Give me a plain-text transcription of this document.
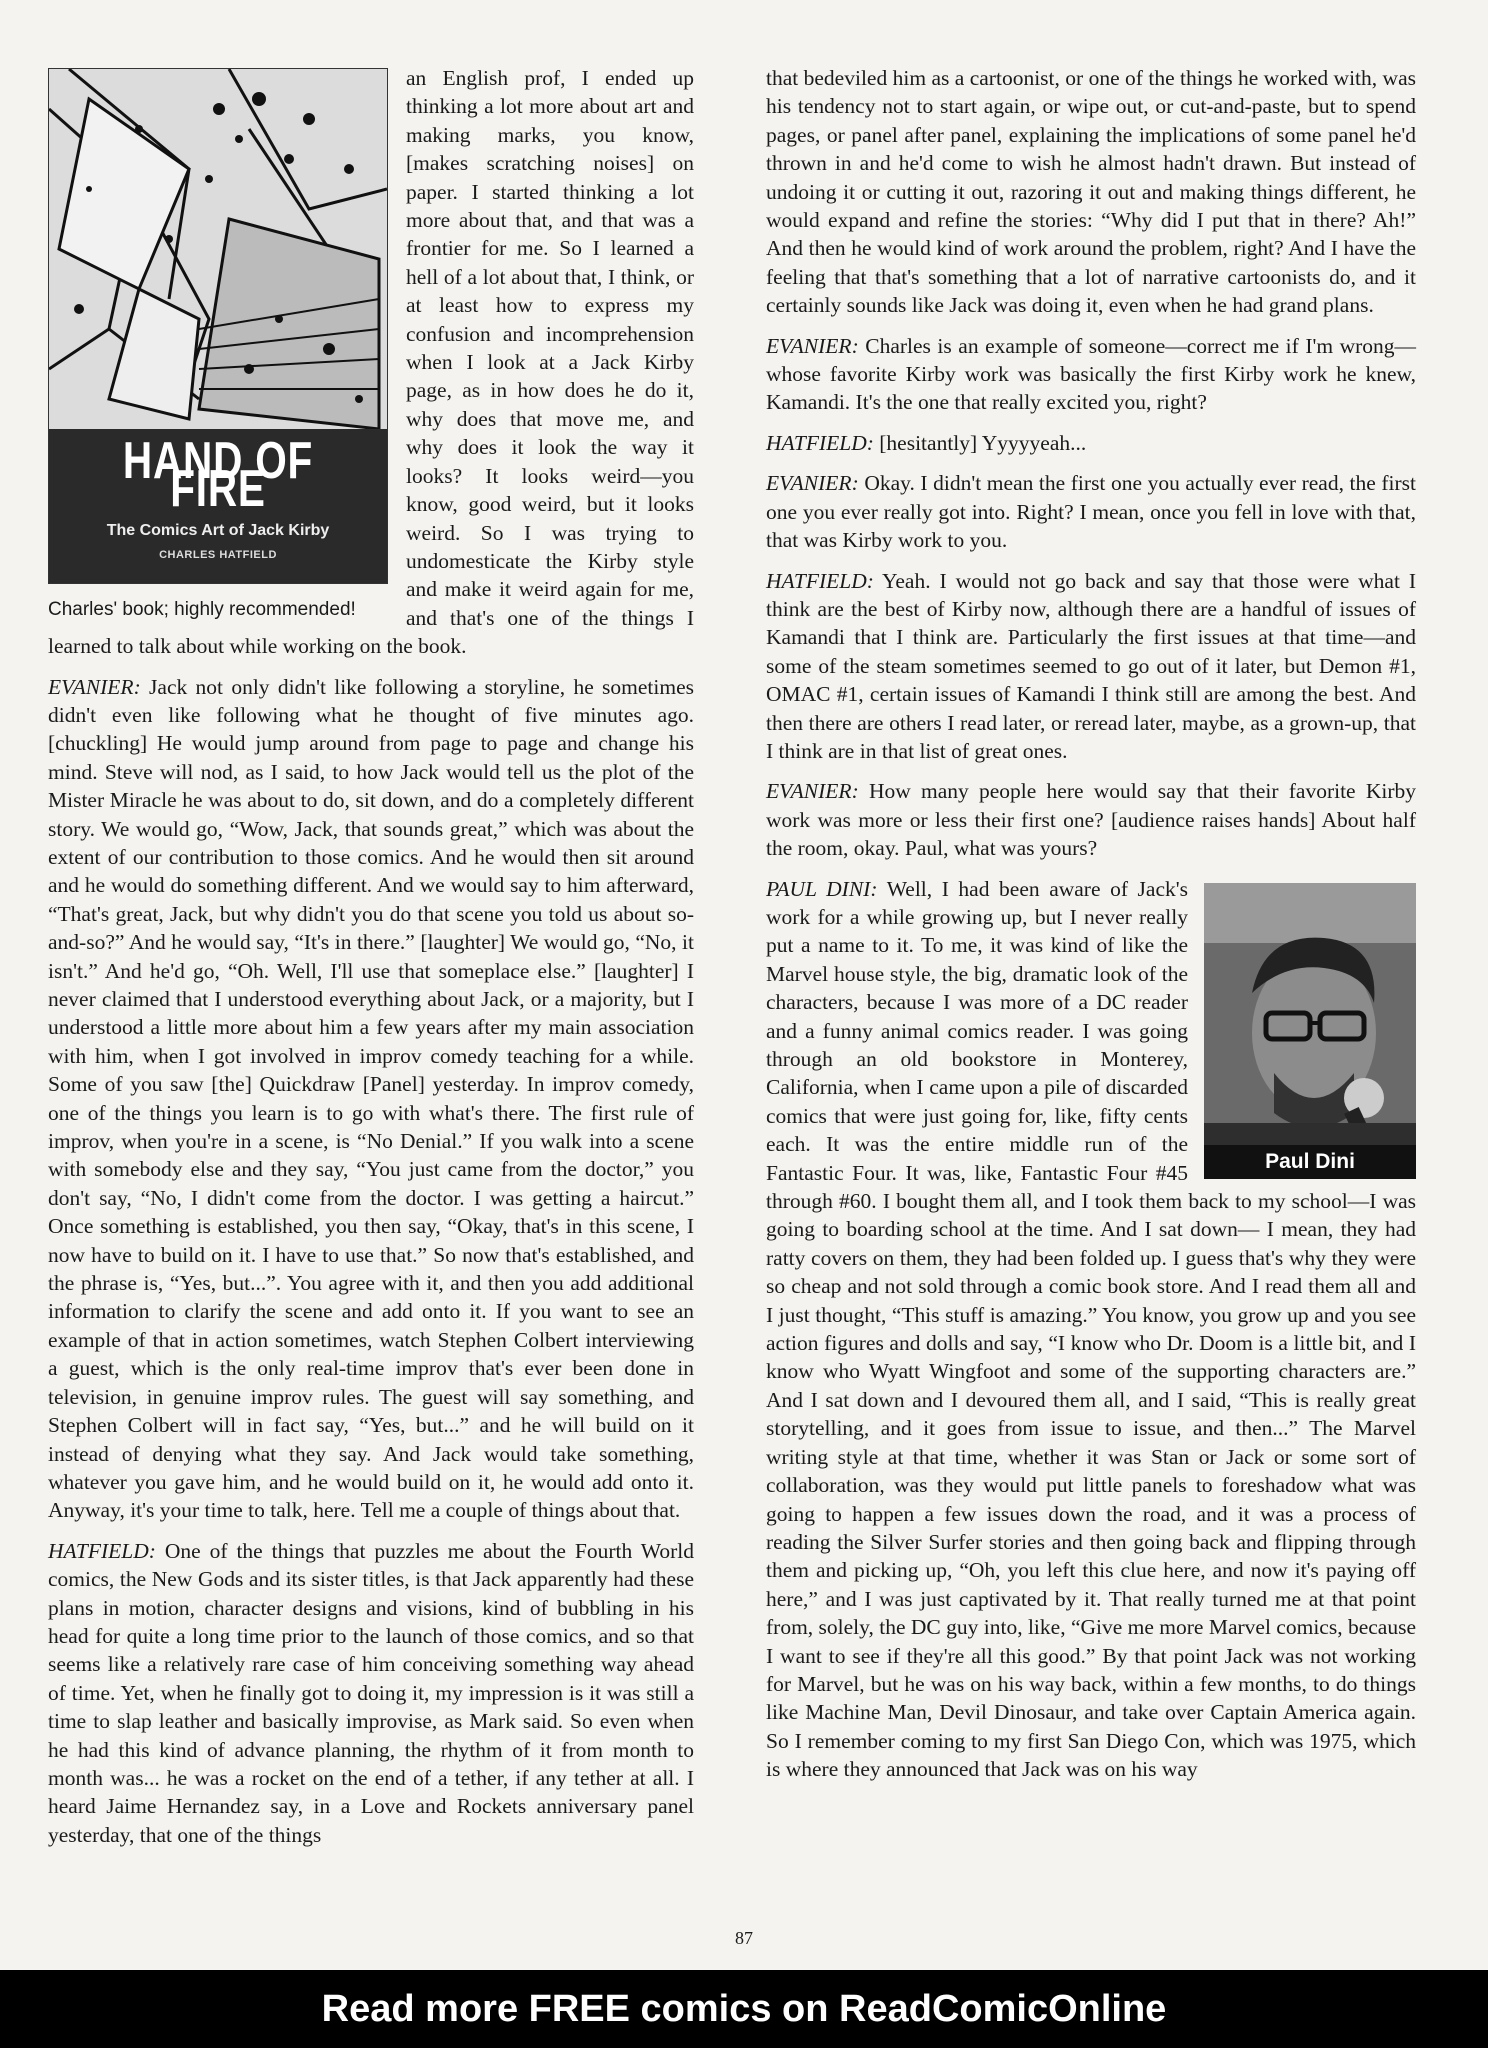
HAND OF FIRE
The Comics Art of Jack Kirby
CHARLES HATFIELD
Charles' book; highly recommended!

an English prof, I ended up thinking a lot more about art and making marks, you know, [makes scratching noises] on paper. I started thinking a lot more about that, and that was a frontier for me. So I learned a hell of a lot about that, I think, or at least how to express my confusion and incomprehension when I look at a Jack Kirby page, as in how does he do it, why does that move me, and why does it look the way it looks? It looks weird—you know, good weird, but it looks weird. So I was trying to undomesticate the Kirby style and make it weird again for me, and that's one of the things I learned to talk about while working on the book.

EVANIER: Jack not only didn't like following a storyline, he sometimes didn't even like following what he thought of five minutes ago. [chuckling] He would jump around from page to page and change his mind. Steve will nod, as I said, to how Jack would tell us the plot of the Mister Miracle he was about to do, sit down, and do a completely different story. We would go, “Wow, Jack, that sounds great,” which was about the extent of our contribution to those comics. And he would then sit around and he would do something different. And we would say to him afterward, “That's great, Jack, but why didn't you do that scene you told us about so-and-so?” And he would say, “It's in there.” [laughter] We would go, “No, it isn't.” And he'd go, “Oh. Well, I'll use that someplace else.” [laughter] I never claimed that I understood everything about Jack, or a majority, but I understood a little more about him a few years after my main association with him, when I got involved in improv comedy teaching for a while. Some of you saw [the] Quickdraw [Panel] yesterday. In improv comedy, one of the things you learn is to go with what's there. The first rule of improv, when you're in a scene, is “No Denial.” If you walk into a scene with somebody else and they say, “You just came from the doctor,” you don't say, “No, I didn't come from the doctor. I was getting a haircut.” Once something is established, you then say, “Okay, that's in this scene, I now have to build on it. I have to use that.” So now that's established, and the phrase is, “Yes, but...”. You agree with it, and then you add additional information to clarify the scene and add onto it. If you want to see an example of that in action sometimes, watch Stephen Colbert interviewing a guest, which is the only real-time improv that's ever been done in television, in genuine improv rules. The guest will say something, and Stephen Colbert will in fact say, “Yes, but...” and he will build on it instead of denying what they say. And Jack would take something, whatever you gave him, and he would build on it, he would add onto it. Anyway, it's your time to talk, here. Tell me a couple of things about that.

HATFIELD: One of the things that puzzles me about the Fourth World comics, the New Gods and its sister titles, is that Jack apparently had these plans in motion, character designs and visions, kind of bubbling in his head for quite a long time prior to the launch of those comics, and so that seems like a relatively rare case of him conceiving something way ahead of time. Yet, when he finally got to doing it, my impression is it was still a time to slap leather and basically improvise, as Mark said. So even when he had this kind of advance planning, the rhythm of it from month to month was... he was a rocket on the end of a tether, if any tether at all. I heard Jaime Hernandez say, in a Love and Rockets anniversary panel yesterday, that one of the things

that bedeviled him as a cartoonist, or one of the things he worked with, was his tendency not to start again, or wipe out, or cut-and-paste, but to spend pages, or panel after panel, explaining the implications of some panel he'd thrown in and he'd come to wish he almost hadn't drawn. But instead of undoing it or cutting it out, razoring it out and making things different, he would expand and refine the stories: “Why did I put that in there? Ah!” And then he would kind of work around the problem, right? And I have the feeling that that's something that a lot of narrative cartoonists do, and it certainly sounds like Jack was doing it, even when he had grand plans.

EVANIER: Charles is an example of someone—correct me if I'm wrong—whose favorite Kirby work was basically the first Kirby work he knew, Kamandi. It's the one that really excited you, right?

HATFIELD: [hesitantly] Yyyyyeah...

EVANIER: Okay. I didn't mean the first one you actually ever read, the first one you ever really got into. Right? I mean, once you fell in love with that, that was Kirby work to you.

HATFIELD: Yeah. I would not go back and say that those were what I think are the best of Kirby now, although there are a handful of issues of Kamandi that I think are. Particularly the first issues at that time—and some of the steam sometimes seemed to go out of it later, but Demon #1, OMAC #1, certain issues of Kamandi I think still are among the best. And then there are others I read later, or reread later, maybe, as a grown-up, that I think are in that list of great ones.

EVANIER: How many people here would say that their favorite Kirby work was more or less their first one? [audience raises hands] About half the room, okay. Paul, what was yours?

Paul Dini

PAUL DINI: Well, I had been aware of Jack's work for a while growing up, but I never really put a name to it. To me, it was kind of like the Marvel house style, the big, dramatic look of the characters, because I was more of a DC reader and a funny animal comics reader. I was going through an old bookstore in Monterey, California, when I came upon a pile of discarded comics that were just going for, like, fifty cents each. It was the entire middle run of the Fantastic Four. It was, like, Fantastic Four #45 through #60. I bought them all, and I took them back to my school—I was going to boarding school at the time. And I sat down— I mean, they had ratty covers on them, they had been folded up. I guess that's why they were so cheap and not sold through a comic book store. And I read them all and I just thought, “This stuff is amazing.” You know, you grow up and you see action figures and dolls and say, “I know who Dr. Doom is a little bit, and I know who Wyatt Wingfoot and some of the supporting characters are.” And I sat down and I devoured them all, and I said, “This is really great storytelling, and it goes from issue to issue, and then...” The Marvel writing style at that time, whether it was Stan or Jack or some sort of collaboration, was they would put little panels to foreshadow what was going to happen a few issues down the road, and it was a process of reading the Silver Surfer stories and then going back and flipping through them and picking up, “Oh, you left this clue here, and now it's paying off here,” and I was just captivated by it. That really turned me at that point from, solely, the DC guy into, like, “Give me more Marvel comics, because I want to see if they're all this good.” By that point Jack was not working for Marvel, but he was on his way back, within a few months, to do things like Machine Man, Devil Dinosaur, and take over Captain America again. So I remember coming to my first San Diego Con, which was 1975, which is where they announced that Jack was on his way

87
Read more FREE comics on ReadComicOnline
